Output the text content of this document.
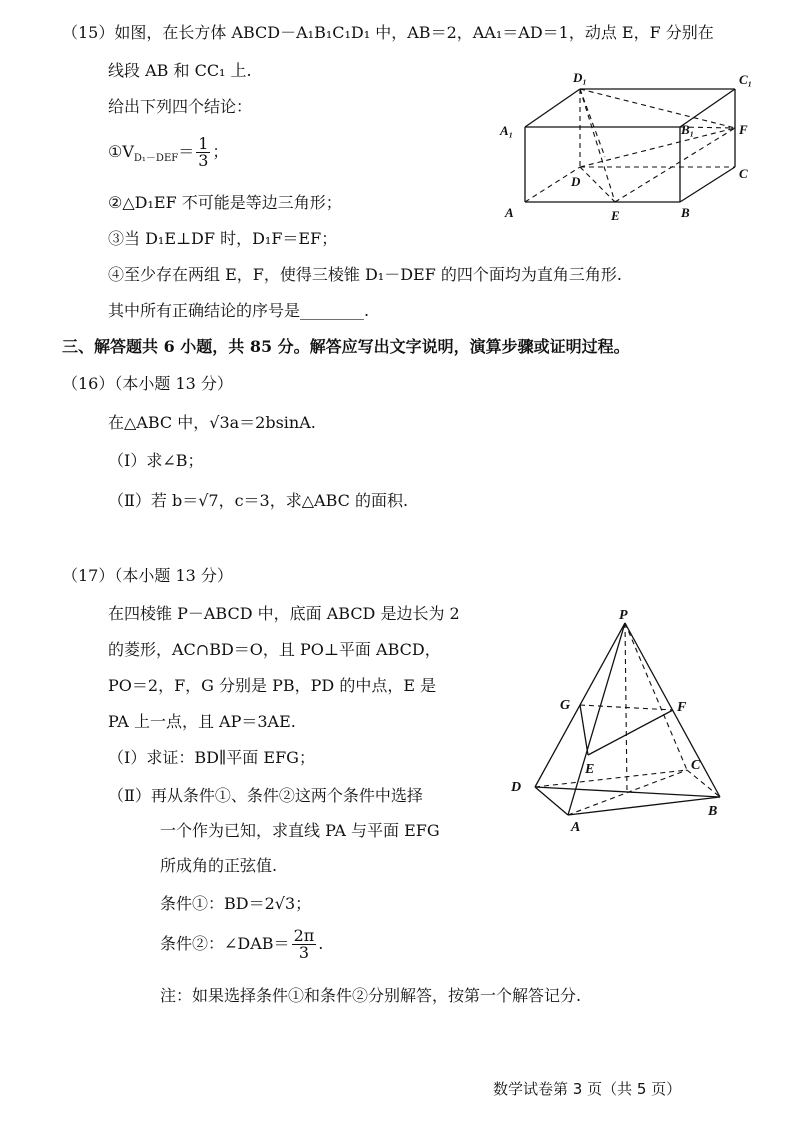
（15）如图，在长方体 ABCD－A₁B₁C₁D₁ 中，AB＝2，AA₁＝AD＝1，动点 E，F 分别在
线段 AB 和 CC₁ 上.
给出下列四个结论：
$①V_{D_1-DEF}= \frac{1}{3}$ ；
②△D₁EF 不可能是等边三角形；
③当 D₁E⊥DF 时，D₁F＝EF；
④至少存在两组 E，F，使得三棱锥 D₁－DEF 的四个面均为直角三角形.
其中所有正确结论的序号是________.
D₁	C₁
A₁	B₁	F
D
C
A	E	B
三、解答题共 6 小题，共 85 分。解答应写出文字说明，演算步骤或证明过程。
（16）（本小题 13 分）
在△ABC 中，√3a＝2bsinA.
（Ⅰ）求∠B；
（Ⅱ）若 b＝√7，c＝3，求△ABC 的面积.
（17）（本小题 13 分）
在四棱锥 P－ABCD 中，底面 ABCD 是边长为 2
的菱形，AC∩BD＝O，且 PO⊥平面 ABCD，
PO＝2，F，G 分别是 PB，PD 的中点，E 是
PA 上一点，且 AP＝3AE.
（Ⅰ）求证：BD∥平面 EFG；
（Ⅱ）再从条件①、条件②这两个条件中选择
一个作为已知，求直线 PA 与平面 EFG
所成角的正弦值.
条件①：BD＝2√3；
条件②：∠DAB＝ $\frac{2\pi}{3}$ .
注：如果选择条件①和条件②分别解答，按第一个解答记分.
P
G	F
E	C
D
B
A
数学试卷第 3 页（共 5 页）
